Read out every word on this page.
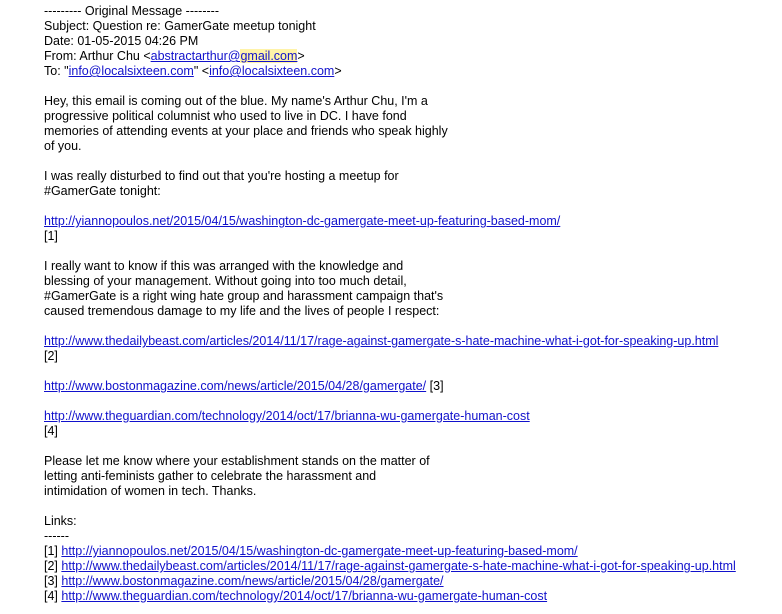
--------- Original Message --------
Subject: Question re: GamerGate meetup tonight
Date: 01-05-2015 04:26 PM
From: Arthur Chu <abstractarthur@gmail.com>
To: "info@localsixteen.com" <info@localsixteen.com>
Hey, this email is coming out of the blue. My name's Arthur Chu, I'm a
progressive political columnist who used to live in DC. I have fond
memories of attending events at your place and friends who speak highly
of you.
I was really disturbed to find out that you're hosting a meetup for
#GamerGate tonight:
http://yiannopoulos.net/2015/04/15/washington-dc-gamergate-meet-up-featuring-based-mom/
[1]
I really want to know if this was arranged with the knowledge and
blessing of your management. Without going into too much detail,
#GamerGate is a right wing hate group and harassment campaign that's
caused tremendous damage to my life and the lives of people I respect:
http://www.thedailybeast.com/articles/2014/11/17/rage-against-gamergate-s-hate-machine-what-i-got-for-speaking-up.html
[2]
http://www.bostonmagazine.com/news/article/2015/04/28/gamergate/ [3]
http://www.theguardian.com/technology/2014/oct/17/brianna-wu-gamergate-human-cost
[4]
Please let me know where your establishment stands on the matter of
letting anti-feminists gather to celebrate the harassment and
intimidation of women in tech. Thanks.
Links:
------
[1] http://yiannopoulos.net/2015/04/15/washington-dc-gamergate-meet-up-featuring-based-mom/
[2] http://www.thedailybeast.com/articles/2014/11/17/rage-against-gamergate-s-hate-machine-what-i-got-for-speaking-up.html
[3] http://www.bostonmagazine.com/news/article/2015/04/28/gamergate/
[4] http://www.theguardian.com/technology/2014/oct/17/brianna-wu-gamergate-human-cost
